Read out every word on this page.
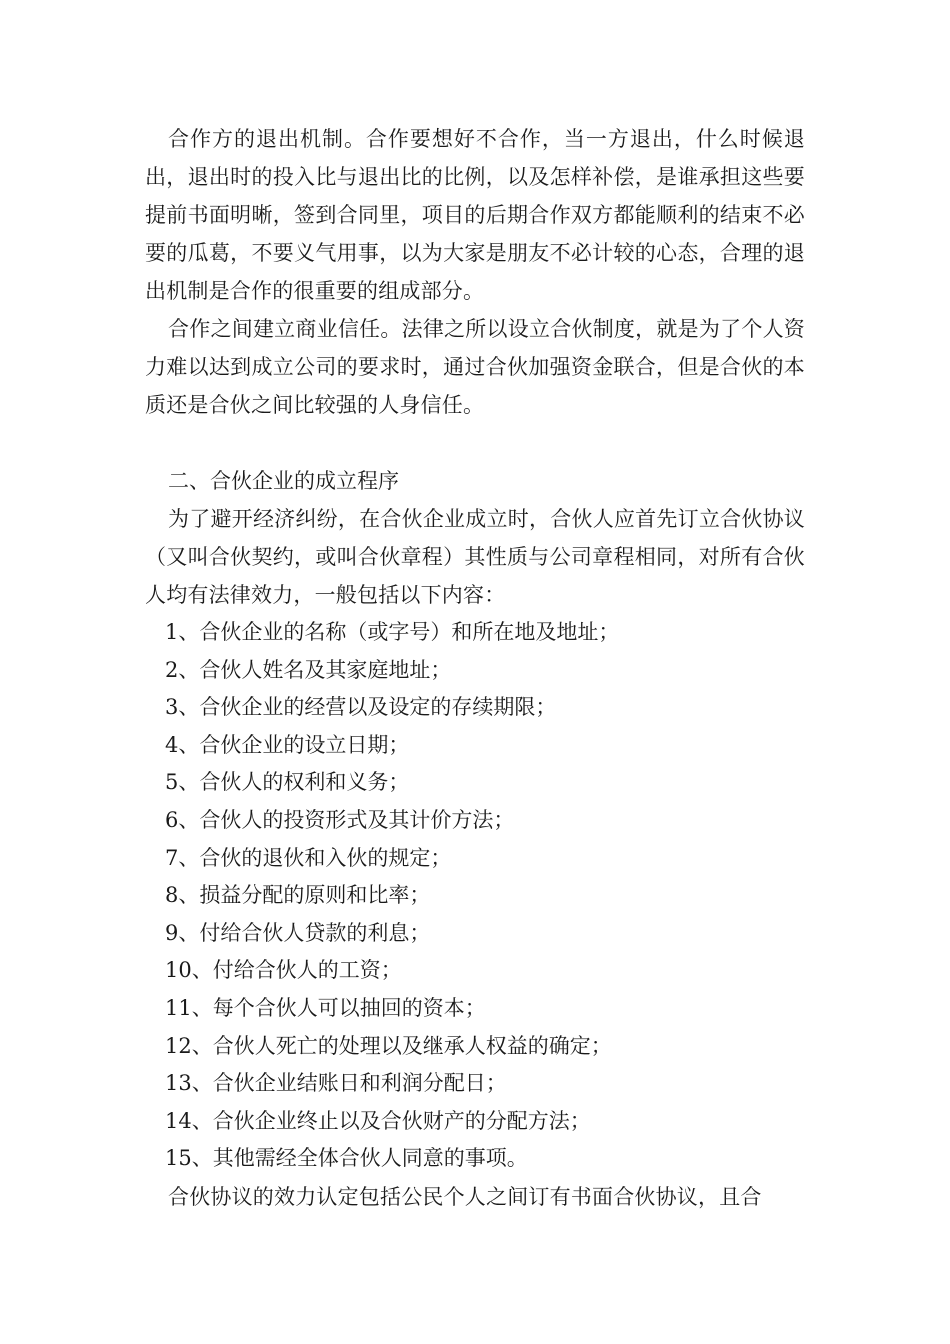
合作方的退出机制。合作要想好不合作，当一方退出，什么时候退出，退出时的投入比与退出比的比例，以及怎样补偿，是谁承担这些要提前书面明晰，签到合同里，项目的后期合作双方都能顺利的结束不必要的瓜葛，不要义气用事，以为大家是朋友不必计较的心态，合理的退出机制是合作的很重要的组成部分。

合作之间建立商业信任。法律之所以设立合伙制度，就是为了个人资力难以达到成立公司的要求时，通过合伙加强资金联合，但是合伙的本质还是合伙之间比较强的人身信任。

二、合伙企业的成立程序

为了避开经济纠纷，在合伙企业成立时，合伙人应首先订立合伙协议（又叫合伙契约，或叫合伙章程）其性质与公司章程相同，对所有合伙人均有法律效力，一般包括以下内容：

1、合伙企业的名称（或字号）和所在地及地址；
2、合伙人姓名及其家庭地址；
3、合伙企业的经营以及设定的存续期限；
4、合伙企业的设立日期；
5、合伙人的权利和义务；
6、合伙人的投资形式及其计价方法；
7、合伙的退伙和入伙的规定；
8、损益分配的原则和比率；
9、付给合伙人贷款的利息；
10、付给合伙人的工资；
11、每个合伙人可以抽回的资本；
12、合伙人死亡的处理以及继承人权益的确定；
13、合伙企业结账日和利润分配日；
14、合伙企业终止以及合伙财产的分配方法；
15、其他需经全体合伙人同意的事项。

合伙协议的效力认定包括公民个人之间订有书面合伙协议，且合
